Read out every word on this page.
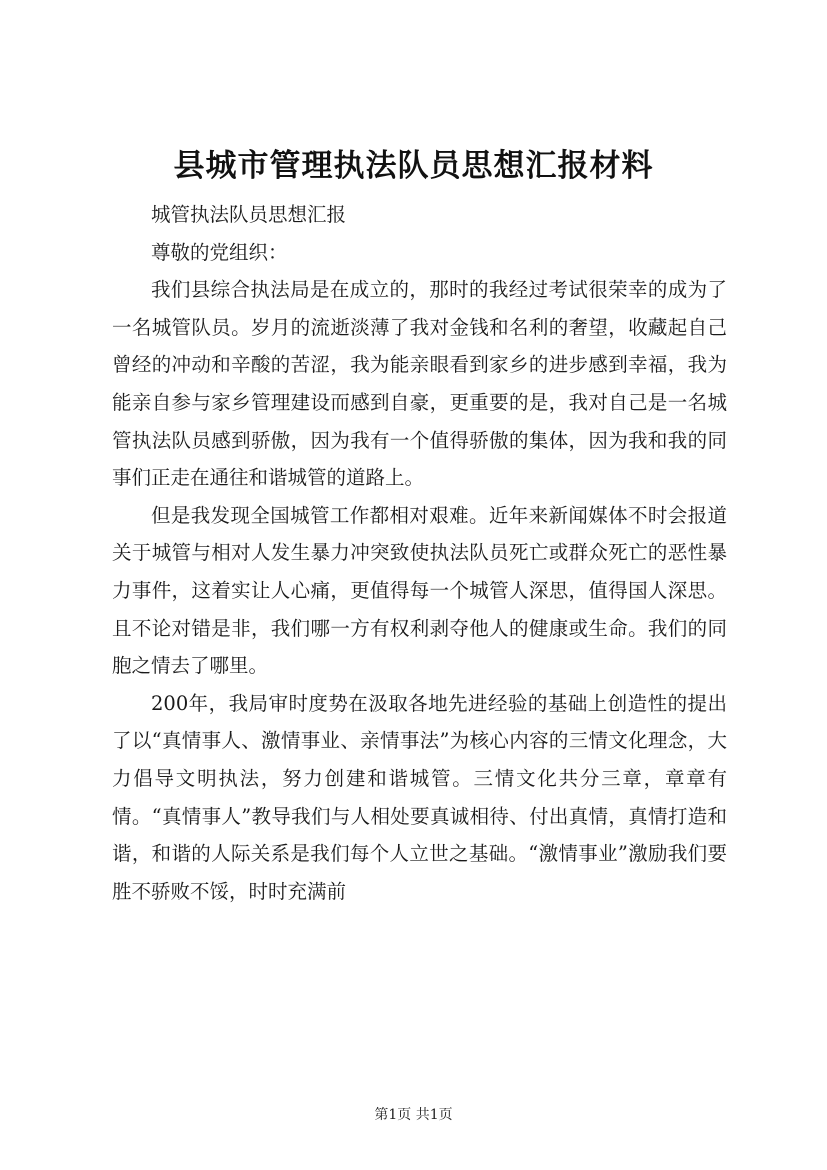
县城市管理执法队员思想汇报材料

城管执法队员思想汇报

尊敬的党组织：

我们县综合执法局是在成立的，那时的我经过考试很荣幸的成为了一名城管队员。岁月的流逝淡薄了我对金钱和名利的奢望，收藏起自己曾经的冲动和辛酸的苦涩，我为能亲眼看到家乡的进步感到幸福，我为能亲自参与家乡管理建设而感到自豪，更重要的是，我对自己是一名城管执法队员感到骄傲，因为我有一个值得骄傲的集体，因为我和我的同事们正走在通往和谐城管的道路上。

但是我发现全国城管工作都相对艰难。近年来新闻媒体不时会报道关于城管与相对人发生暴力冲突致使执法队员死亡或群众死亡的恶性暴力事件，这着实让人心痛，更值得每一个城管人深思，值得国人深思。且不论对错是非，我们哪一方有权利剥夺他人的健康或生命。我们的同胞之情去了哪里。

200年，我局审时度势在汲取各地先进经验的基础上创造性的提出了以“真情事人、激情事业、亲情事法”为核心内容的三情文化理念，大力倡导文明执法，努力创建和谐城管。三情文化共分三章，章章有情。“真情事人”教导我们与人相处要真诚相待、付出真情，真情打造和谐，和谐的人际关系是我们每个人立世之基础。“激情事业”激励我们要胜不骄败不馁，时时充满前

第1页 共1页
